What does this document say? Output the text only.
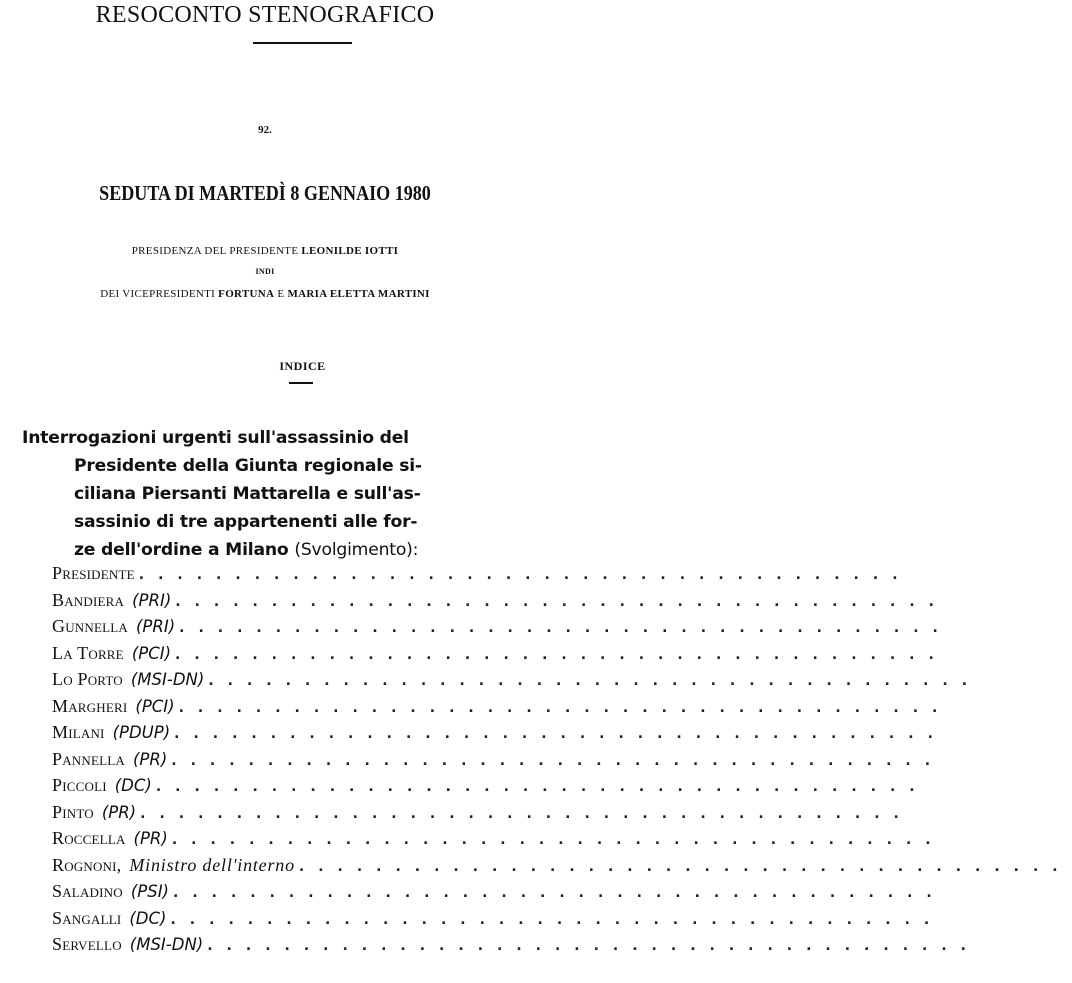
RESOCONTO STENOGRAFICO
92.
SEDUTA DI MARTEDÌ 8 GENNAIO 1980
PRESIDENZA DEL PRESIDENTE LEONILDE IOTTI
INDI
DEI VICEPRESIDENTI FORTUNA E MARIA ELETTA MARTINI
INDICE
Interrogazioni urgenti sull'assassinio del
Presidente della Giunta regionale si-
ciliana Piersanti Mattarella e sull'as-
sassinio di tre appartenenti alle for-
ze dell'ordine a Milano (Svolgimento):
Presidente ........................................
Bandiera (PRI) ........................................
Gunnella (PRI) ........................................
La Torre (PCI) ........................................
Lo Porto (MSI-DN) ........................................
Margheri (PCI) ........................................
Milani (PDUP) ........................................
Pannella (PR) ........................................
Piccoli (DC) ........................................
Pinto (PR) ........................................
Roccella (PR) ........................................
Rognoni, Ministro dell'interno ........................................
Saladino (PSI) ........................................
Sangalli (DC) ........................................
Servello (MSI-DN) ........................................
